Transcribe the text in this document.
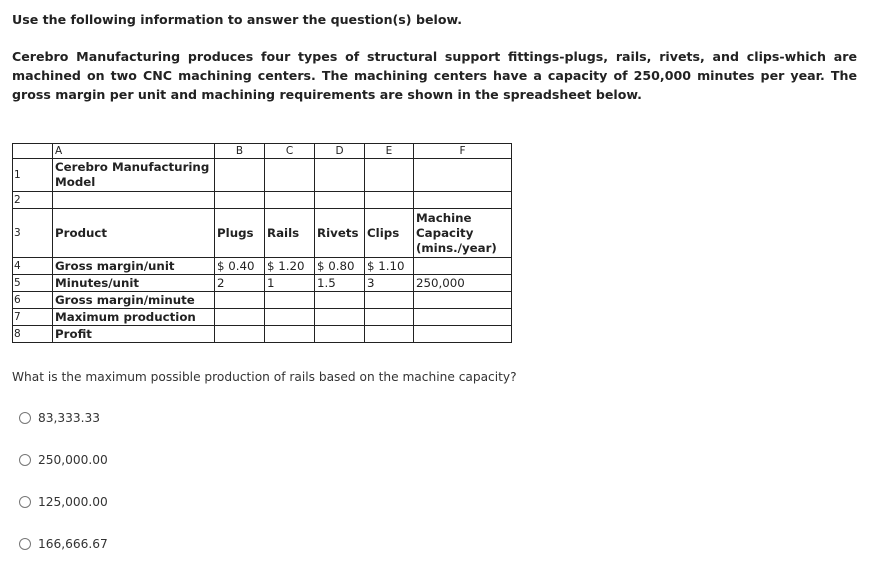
Use the following information to answer the question(s) below.

Cerebro Manufacturing produces four types of structural support fittings-plugs, rails, rivets, and clips-which are machined on two CNC machining centers. The machining centers have a capacity of 250,000 minutes per year. The gross margin per unit and machining requirements are shown in the spreadsheet below.

	A	B	C	D	E	F
1	Cerebro Manufacturing Model					
2						
3	Product	Plugs	Rails	Rivets	Clips	Machine Capacity (mins./year)
4	Gross margin/unit	$ 0.40	$ 1.20	$ 0.80	$ 1.10	
5	Minutes/unit	2	1	1.5	3	250,000
6	Gross margin/minute					
7	Maximum production					
8	Profit					
What is the maximum possible production of rails based on the machine capacity?
83,333.33
250,000.00
125,000.00
166,666.67
